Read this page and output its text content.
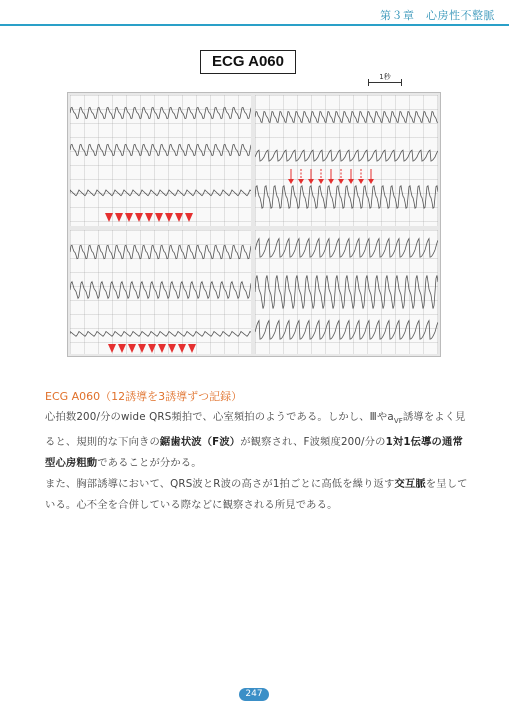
第３章　心房性不整脈
ECG A060
1秒
ECG A060（12誘導を3誘導ずつ記録）
心拍数200/分のwide QRS頻拍で、心室頻拍のようである。しかし、Ⅲや$a_{VF}$誘導をよく見ると、規則的な下向きの鋸歯状波（F波）が観察され、F波頻度200/分の1対1伝導の通常型心房粗動であることが分かる。
また、胸部誘導において、QRS波とR波の高さが1拍ごとに高低を繰り返す交互脈を呈している。心不全を合併している際などに観察される所見である。
247
